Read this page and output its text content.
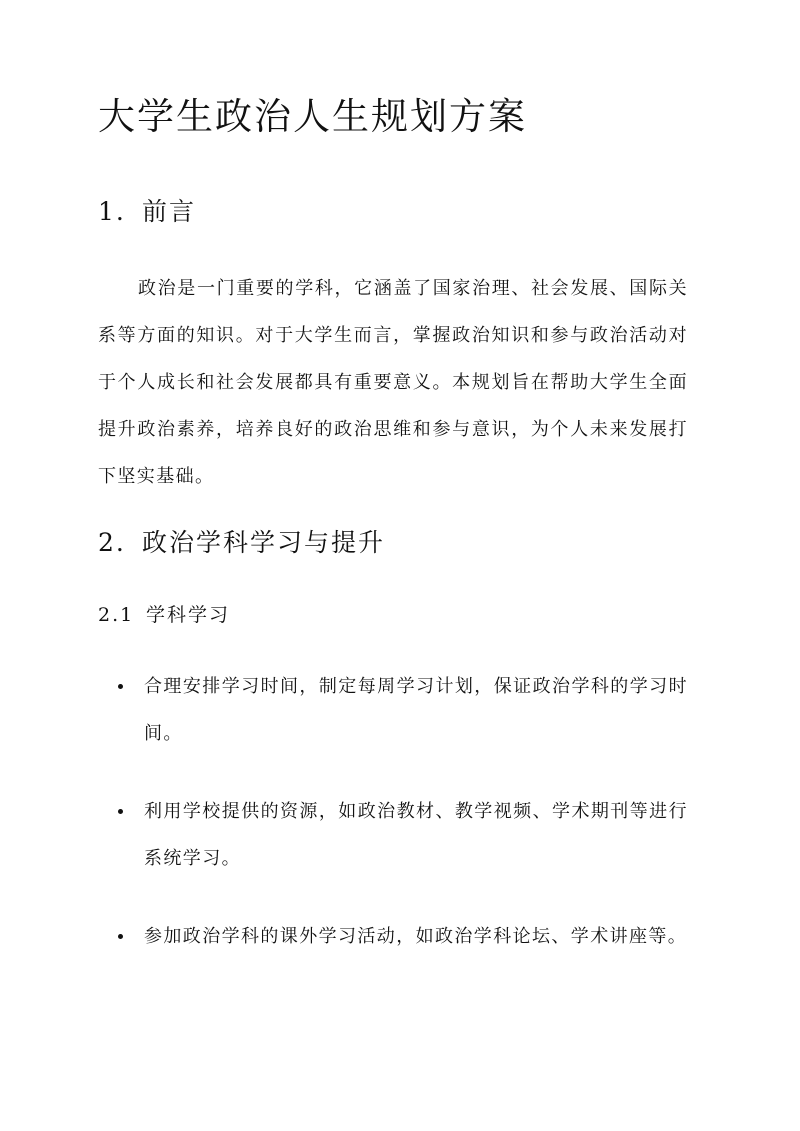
大学生政治人生规划方案
1. 前言

政治是一门重要的学科，它涵盖了国家治理、社会发展、国际关系等方面的知识。对于大学生而言，掌握政治知识和参与政治活动对于个人成长和社会发展都具有重要意义。本规划旨在帮助大学生全面提升政治素养，培养良好的政治思维和参与意识，为个人未来发展打下坚实基础。

2. 政治学科学习与提升
2.1 学科学习
合理安排学习时间，制定每周学习计划，保证政治学科的学习时间。
利用学校提供的资源，如政治教材、教学视频、学术期刊等进行系统学习。
参加政治学科的课外学习活动，如政治学科论坛、学术讲座等。
